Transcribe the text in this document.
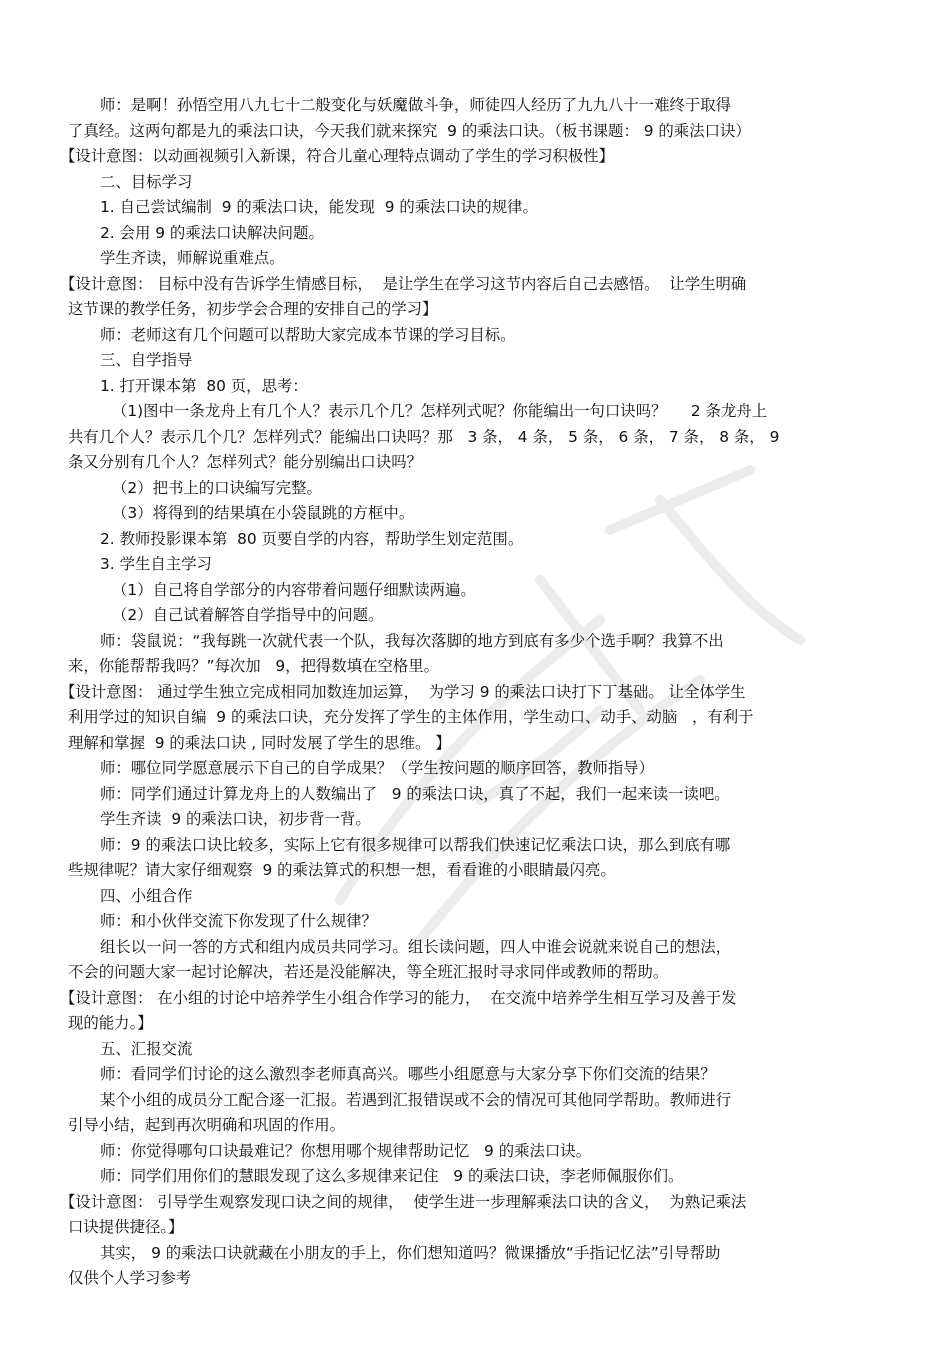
师：是啊！孙悟空用八九七十二般变化与妖魔做斗争，师徒四人经历了九九八十一难终于取得
了真经。这两句都是九的乘法口诀，今天我们就来探究  9 的乘法口诀。（板书课题： 9 的乘法口诀）
【设计意图：以动画视频引入新课，符合儿童心理特点调动了学生的学习积极性】
二、目标学习
1. 自己尝试编制  9 的乘法口诀，能发现  9 的乘法口诀的规律。
2. 会用 9 的乘法口诀解决问题。
学生齐读，师解说重难点。
【设计意图： 目标中没有告诉学生情感目标，  是让学生在学习这节内容后自己去感悟。  让学生明确
这节课的教学任务，初步学会合理的安排自己的学习】
师：老师这有几个问题可以帮助大家完成本节课的学习目标。
三、自学指导
1. 打开课本第  80 页，思考：
（1)图中一条龙舟上有几个人？表示几个几？怎样列式呢？你能编出一句口诀吗？     2 条龙舟上
共有几个人？表示几个几？怎样列式？能编出口诀吗？那   3 条， 4 条， 5 条， 6 条， 7 条， 8 条， 9
条又分别有几个人？怎样列式？能分别编出口诀吗？
（2）把书上的口诀编写完整。
（3）将得到的结果填在小袋鼠跳的方框中。
2. 教师投影课本第  80 页要自学的内容，帮助学生划定范围。
3. 学生自主学习
（1）自己将自学部分的内容带着问题仔细默读两遍。
（2）自己试着解答自学指导中的问题。
师：袋鼠说：“我每跳一次就代表一个队，我每次落脚的地方到底有多少个选手啊？我算不出
来，你能帮帮我吗？”每次加   9，把得数填在空格里。
【设计意图： 通过学生独立完成相同加数连加运算，  为学习 9 的乘法口诀打下丁基础。 让全体学生
利用学过的知识自编  9 的乘法口诀，充分发挥了学生的主体作用，学生动口、动手、动脑   ，有利于
理解和掌握  9 的乘法口诀 , 同时发展了学生的思维。 】
师：哪位同学愿意展示下自己的自学成果？（学生按问题的顺序回答，教师指导）
师：同学们通过计算龙舟上的人数编出了   9 的乘法口诀，真了不起，我们一起来读一读吧。
学生齐读  9 的乘法口诀，初步背一背。
师：9 的乘法口诀比较多，实际上它有很多规律可以帮我们快速记忆乘法口诀，那么到底有哪
些规律呢？请大家仔细观察  9 的乘法算式的积想一想，看看谁的小眼睛最闪亮。
四、小组合作
师：和小伙伴交流下你发现了什么规律？
组长以一问一答的方式和组内成员共同学习。组长读问题，四人中谁会说就来说自己的想法，
不会的问题大家一起讨论解决，若还是没能解决，等全班汇报时寻求同伴或教师的帮助。
【设计意图： 在小组的讨论中培养学生小组合作学习的能力，  在交流中培养学生相互学习及善于发
现的能力。】
五、汇报交流
师：看同学们讨论的这么激烈李老师真高兴。哪些小组愿意与大家分享下你们交流的结果？
某个小组的成员分工配合逐一汇报。若遇到汇报错误或不会的情况可其他同学帮助。教师进行
引导小结，起到再次明确和巩固的作用。
师：你觉得哪句口诀最难记？你想用哪个规律帮助记忆   9 的乘法口诀。
师：同学们用你们的慧眼发现了这么多规律来记住   9 的乘法口诀，李老师佩服你们。
【设计意图： 引导学生观察发现口诀之间的规律，  使学生进一步理解乘法口诀的含义，  为熟记乘法
口诀提供捷径。】
其实， 9 的乘法口诀就藏在小朋友的手上，你们想知道吗？微课播放“手指记忆法”引导帮助
仅供个人学习参考
